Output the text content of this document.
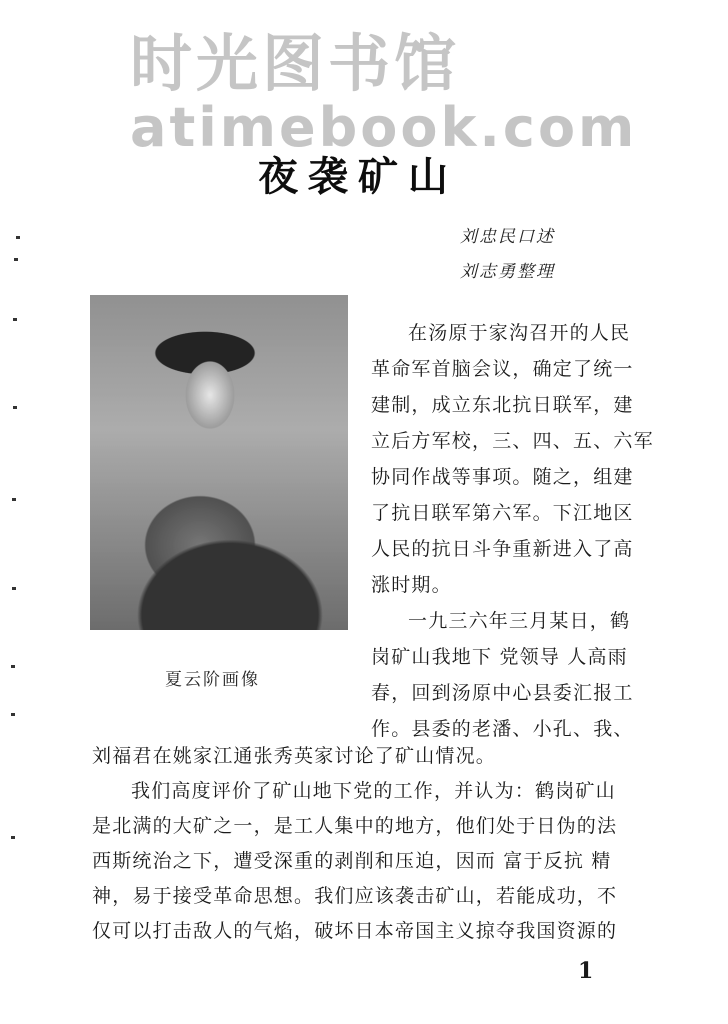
时光图书馆
atimebook.com
夜袭矿山
刘忠民口述
刘志勇整理
夏云阶画像
在汤原于家沟召开的人民
革命军首脑会议，确定了统一
建制，成立东北抗日联军，建
立后方军校，三、四、五、六军
协同作战等事项。随之，组建
了抗日联军第六军。下江地区
人民的抗日斗争重新进入了高
涨时期。
一九三六年三月某日，鹤
岗矿山我地下 党领导 人高雨
春，回到汤原中心县委汇报工
作。县委的老潘、小孔、我、
刘福君在姚家江通张秀英家讨论了矿山情况。
我们高度评价了矿山地下党的工作，并认为：鹤岗矿山
是北满的大矿之一，是工人集中的地方，他们处于日伪的法
西斯统治之下，遭受深重的剥削和压迫，因而 富于反抗 精
神，易于接受革命思想。我们应该袭击矿山，若能成功，不
仅可以打击敌人的气焰，破坏日本帝国主义掠夺我国资源的
1
